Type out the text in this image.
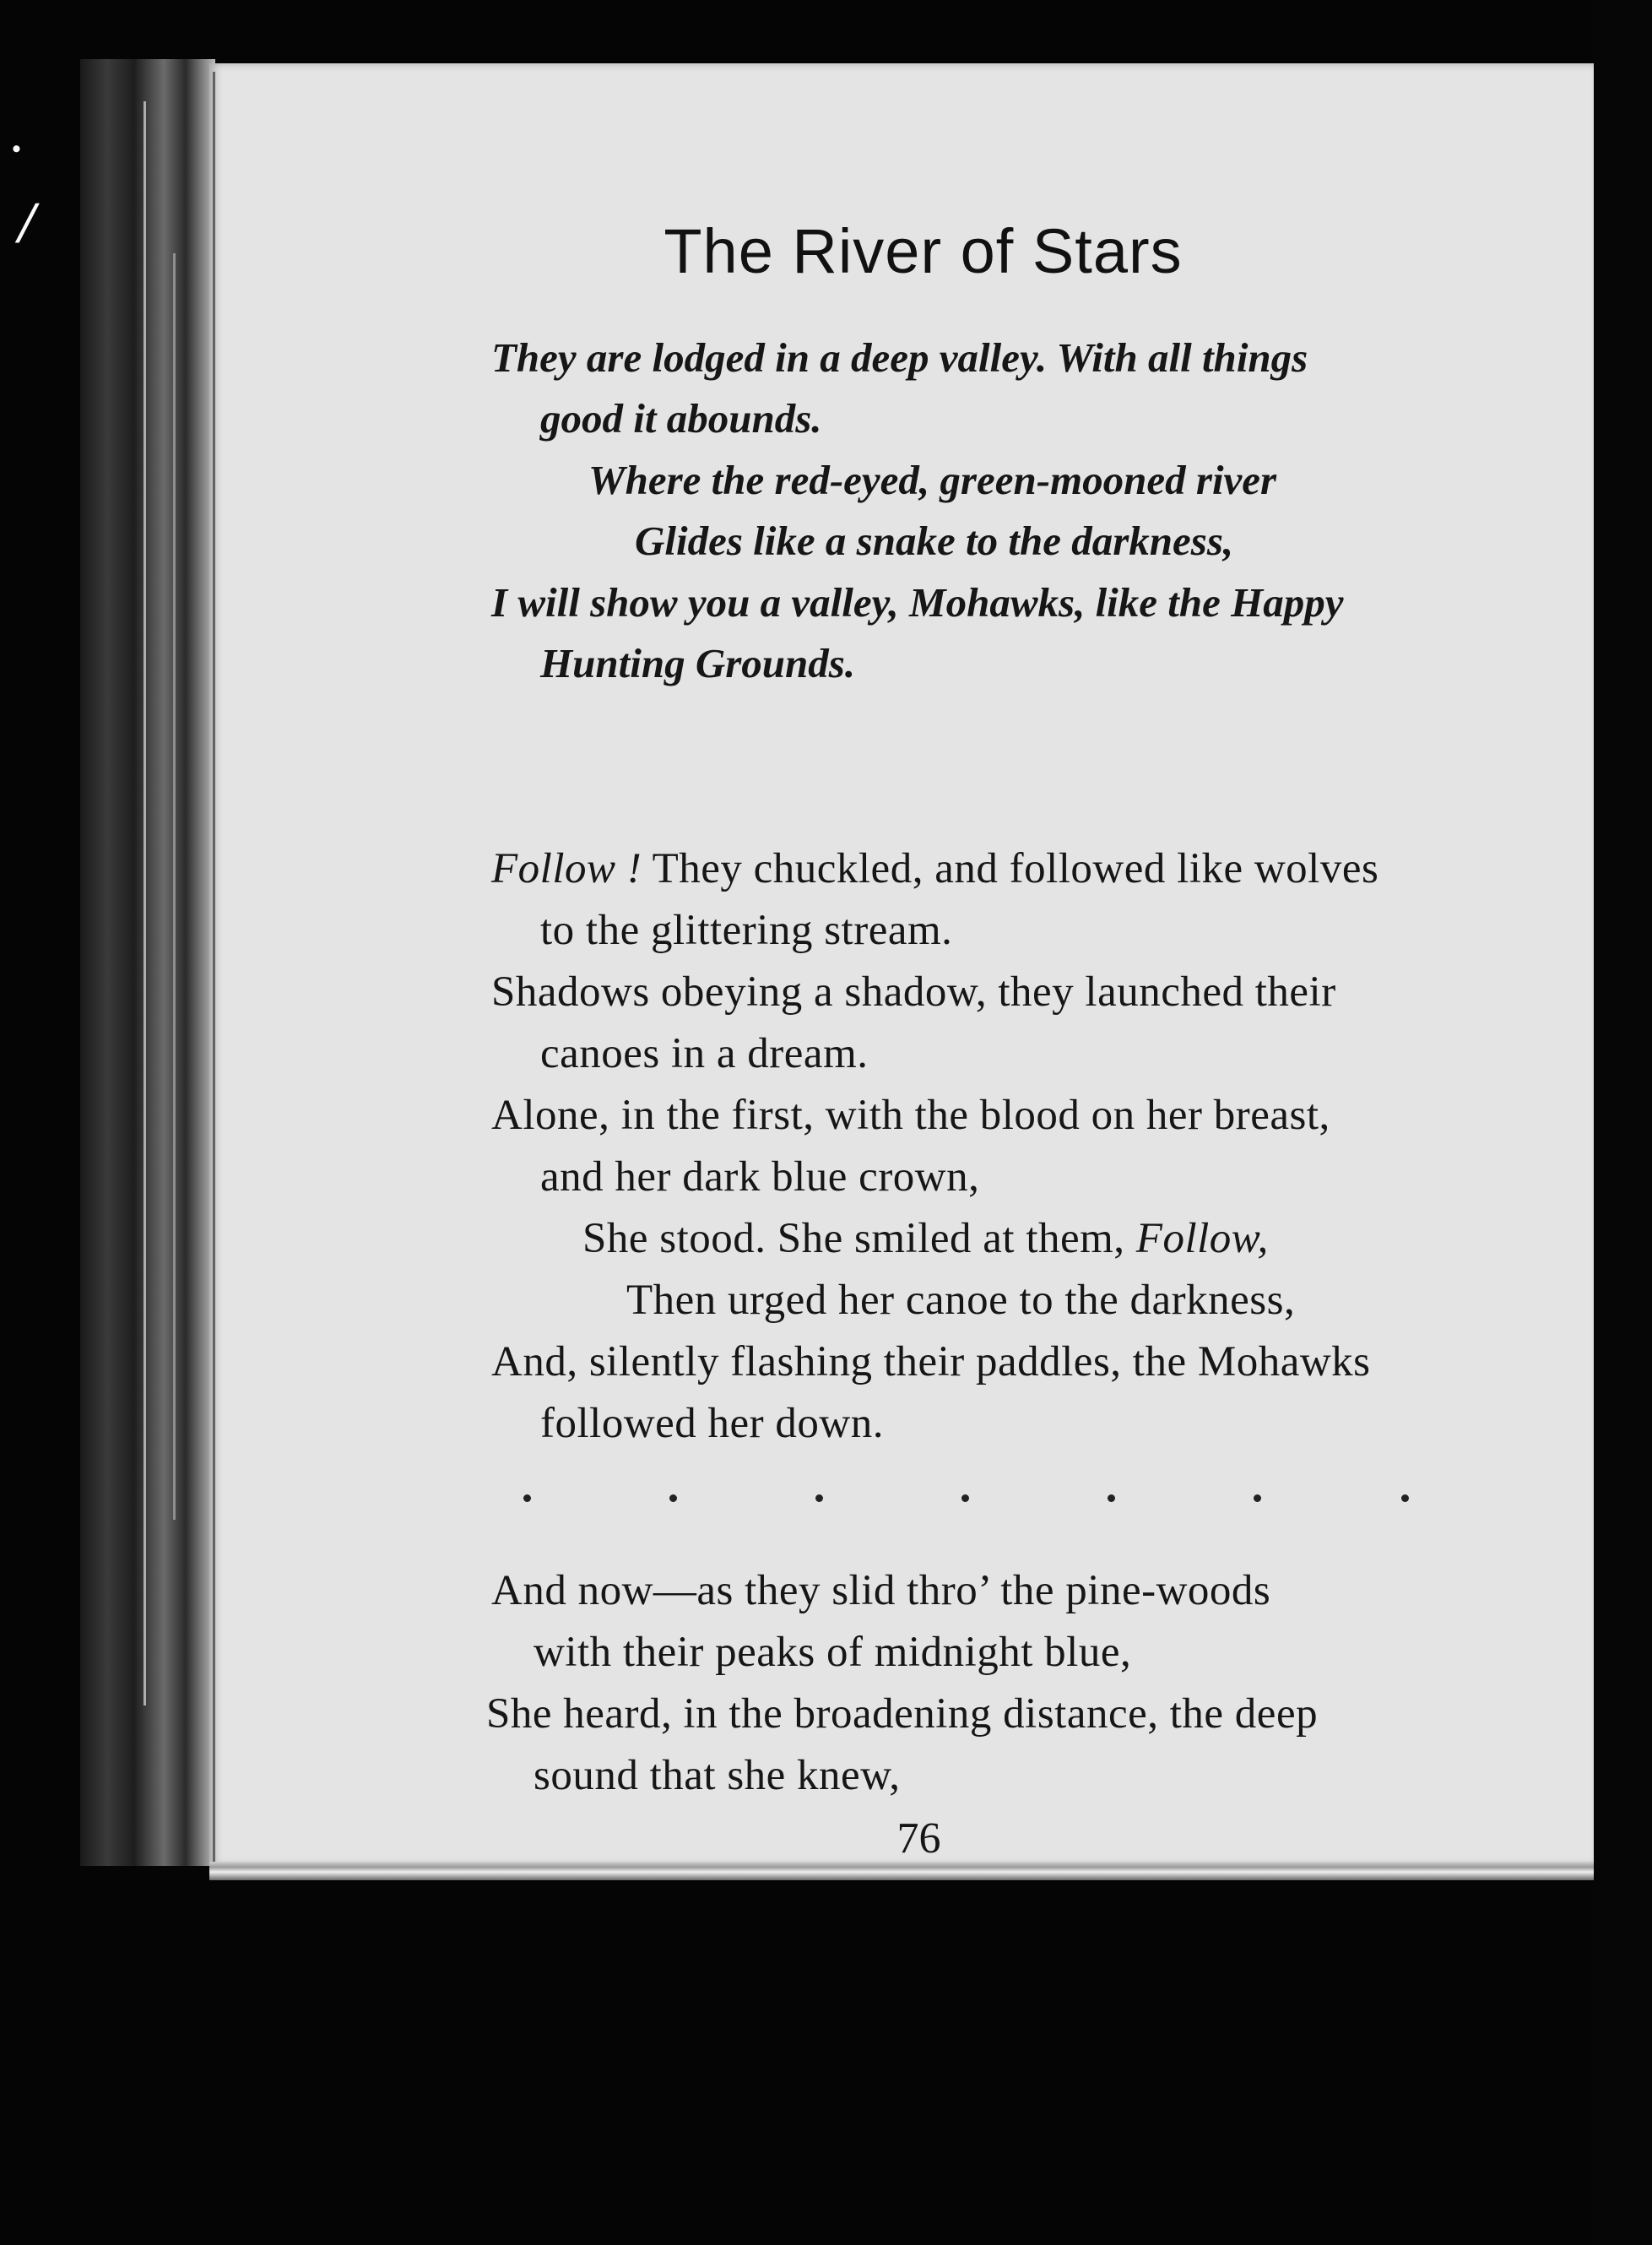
/
•
The River of Stars
They are lodged in a deep valley. With all things
good it abounds.
Where the red-eyed, green-mooned river
Glides like a snake to the darkness,
I will show you a valley, Mohawks, like the Happy
Hunting Grounds.
Follow ! They chuckled, and followed like wolves
to the glittering stream.
Shadows obeying a shadow, they launched their
canoes in a dream.
Alone, in the first, with the blood on her breast,
and her dark blue crown,
She stood. She smiled at them, Follow,
Then urged her canoe to the darkness,
And, silently flashing their paddles, the Mohawks
followed her down.
And now—as they slid thro’ the pine-woods
with their peaks of midnight blue,
She heard, in the broadening distance, the deep
sound that she knew,
76
